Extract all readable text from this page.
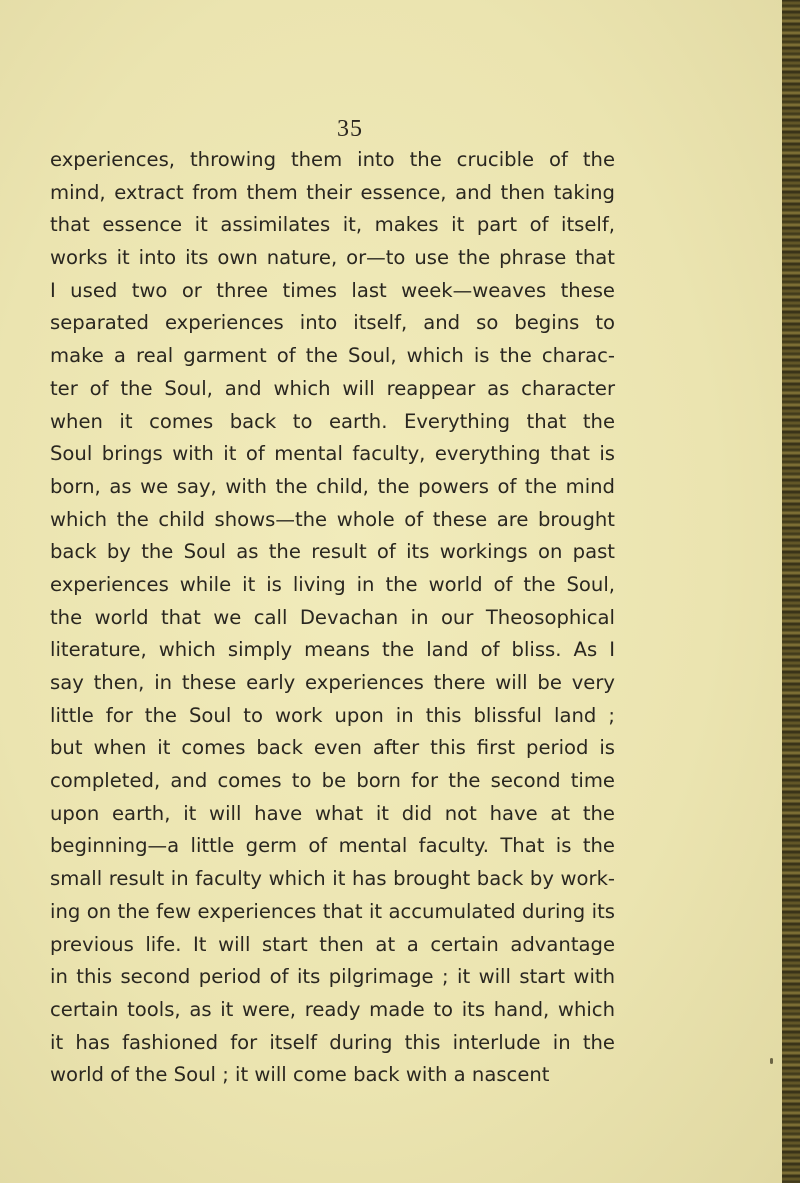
35
experiences, throwing them into the crucible of the
mind, extract from them their essence, and then taking
that essence it assimilates it, makes it part of itself,
works it into its own nature, or—to use the phrase that
I used two or three times last week—weaves these
separated experiences into itself, and so begins to
make a real garment of the Soul, which is the charac-
ter of the Soul, and which will reappear as character
when it comes back to earth. Everything that the
Soul brings with it of mental faculty, everything that is
born, as we say, with the child, the powers of the mind
which the child shows—the whole of these are brought
back by the Soul as the result of its workings on past
experiences while it is living in the world of the Soul,
the world that we call Devachan in our Theosophical
literature, which simply means the land of bliss. As I
say then, in these early experiences there will be very
little for the Soul to work upon in this blissful land ;
but when it comes back even after this first period is
completed, and comes to be born for the second time
upon earth, it will have what it did not have at the
beginning—a little germ of mental faculty. That is the
small result in faculty which it has brought back by work-
ing on the few experiences that it accumulated during its
previous life. It will start then at a certain advantage
in this second period of its pilgrimage ; it will start with
certain tools, as it were, ready made to its hand, which
it has fashioned for itself during this interlude in the
world of the Soul ; it will come back with a nascent
